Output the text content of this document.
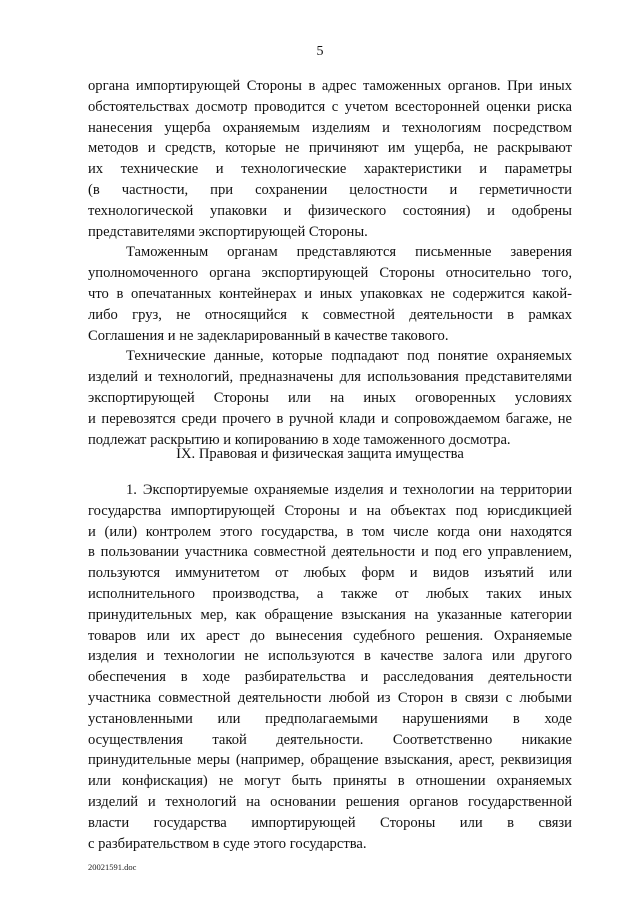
5
органа импортирующей Стороны в адрес таможенных органов. При иных
обстоятельствах досмотр проводится с учетом всесторонней оценки риска
нанесения ущерба охраняемым изделиям и технологиям посредством
методов и средств, которые не причиняют им ущерба, не раскрывают
их технические и технологические характеристики и параметры
(в частности, при сохранении целостности и герметичности
технологической упаковки и физического состояния) и одобрены
представителями экспортирующей Стороны.
Таможенным органам представляются письменные заверения
уполномоченного органа экспортирующей Стороны относительно того,
что в опечатанных контейнерах и иных упаковках не содержится какой-
либо груз, не относящийся к совместной деятельности в рамках
Соглашения и не задекларированный в качестве такового.
Технические данные, которые подпадают под понятие охраняемых
изделий и технологий, предназначены для использования представителями
экспортирующей Стороны или на иных оговоренных условиях
и перевозятся среди прочего в ручной клади и сопровождаемом багаже, не
подлежат раскрытию и копированию в ходе таможенного досмотра.
IX. Правовая и физическая защита имущества
1. Экспортируемые охраняемые изделия и технологии на территории
государства импортирующей Стороны и на объектах под юрисдикцией
и (или) контролем этого государства, в том числе когда они находятся
в пользовании участника совместной деятельности и под его управлением,
пользуются иммунитетом от любых форм и видов изъятий или
исполнительного производства, а также от любых таких иных
принудительных мер, как обращение взыскания на указанные категории
товаров или их арест до вынесения судебного решения. Охраняемые
изделия и технологии не используются в качестве залога или другого
обеспечения в ходе разбирательства и расследования деятельности
участника совместной деятельности любой из Сторон в связи с любыми
установленными или предполагаемыми нарушениями в ходе
осуществления такой деятельности. Соответственно никакие
принудительные меры (например, обращение взыскания, арест, реквизиция
или конфискация) не могут быть приняты в отношении охраняемых
изделий и технологий на основании решения органов государственной
власти государства импортирующей Стороны или в связи
с разбирательством в суде этого государства.
20021591.doc
